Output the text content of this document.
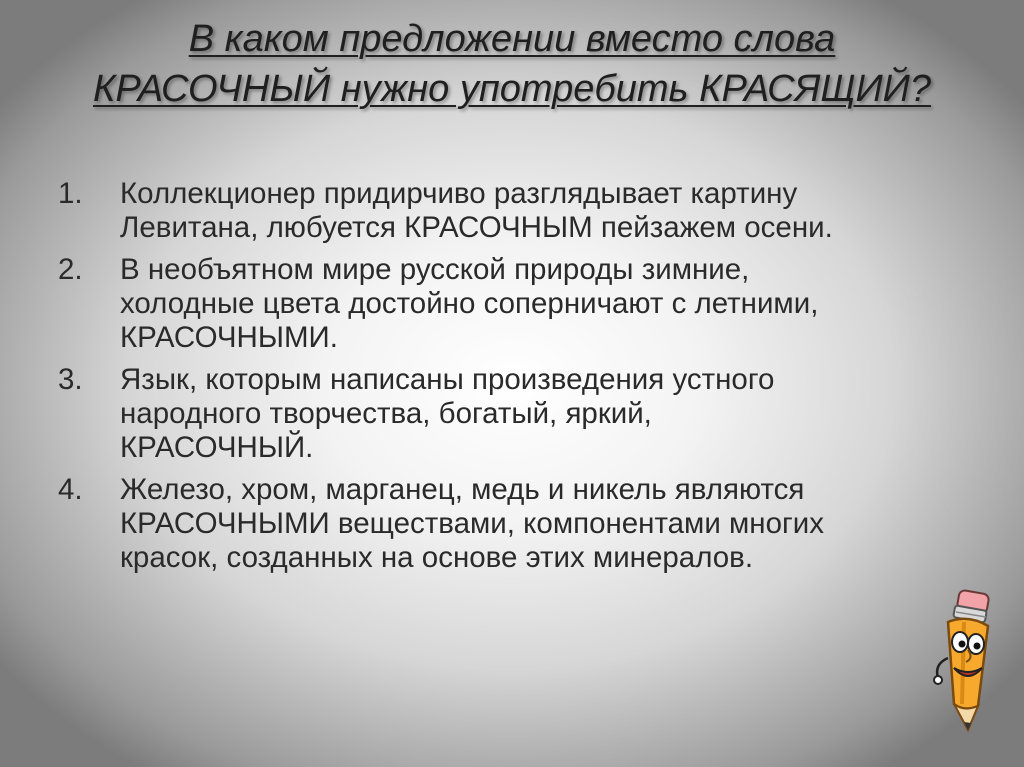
В каком предложении вместо слова
КРАСОЧНЫЙ нужно употребить КРАСЯЩИЙ?
1.	Коллекционер придирчиво разглядывает картину
Левитана, любуется КРАСОЧНЫМ пейзажем осени.
2.	В необъятном мире русской природы зимние,
холодные цвета достойно соперничают с летними,
КРАСОЧНЫМИ.
3.	Язык, которым написаны произведения устного
народного творчества, богатый, яркий,
КРАСОЧНЫЙ.
4.	Железо, хром, марганец, медь и никель являются
КРАСОЧНЫМИ веществами, компонентами многих
красок, созданных на основе этих минералов.
